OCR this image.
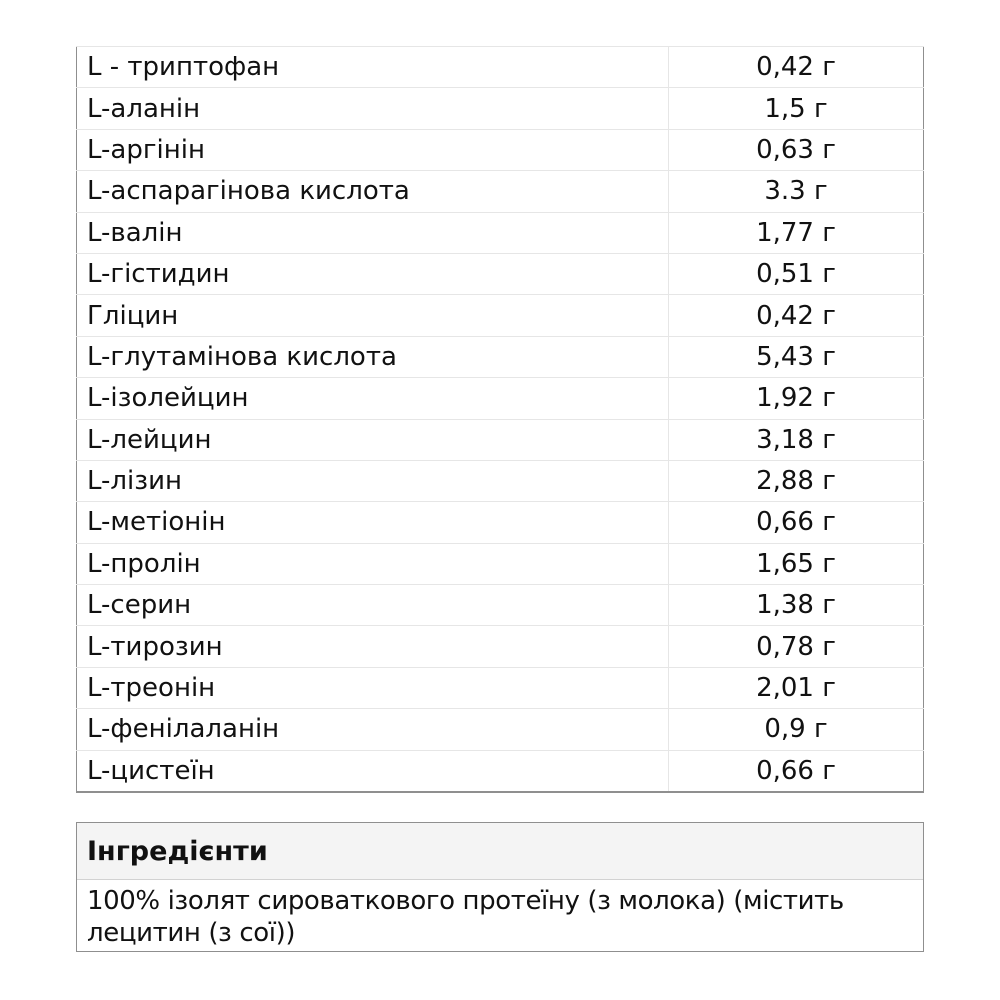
L - триптофан	0,42 г
L-аланін	1,5 г
L-аргінін	0,63 г
L-аспарагінова кислота	3.3 г
L-валін	1,77 г
L-гістидин	0,51 г
Гліцин	0,42 г
L-глутамінова кислота	5,43 г
L-ізолейцин	1,92 г
L-лейцин	3,18 г
L-лізин	2,88 г
L-метіонін	0,66 г
L-пролін	1,65 г
L-серин	1,38 г
L-тирозин	0,78 г
L-треонін	2,01 г
L-фенілаланін	0,9 г
L-цистеїн	0,66 г
Інгредієнти
100% ізолят сироваткового протеїну (з молока) (містить лецитин (з сої))
